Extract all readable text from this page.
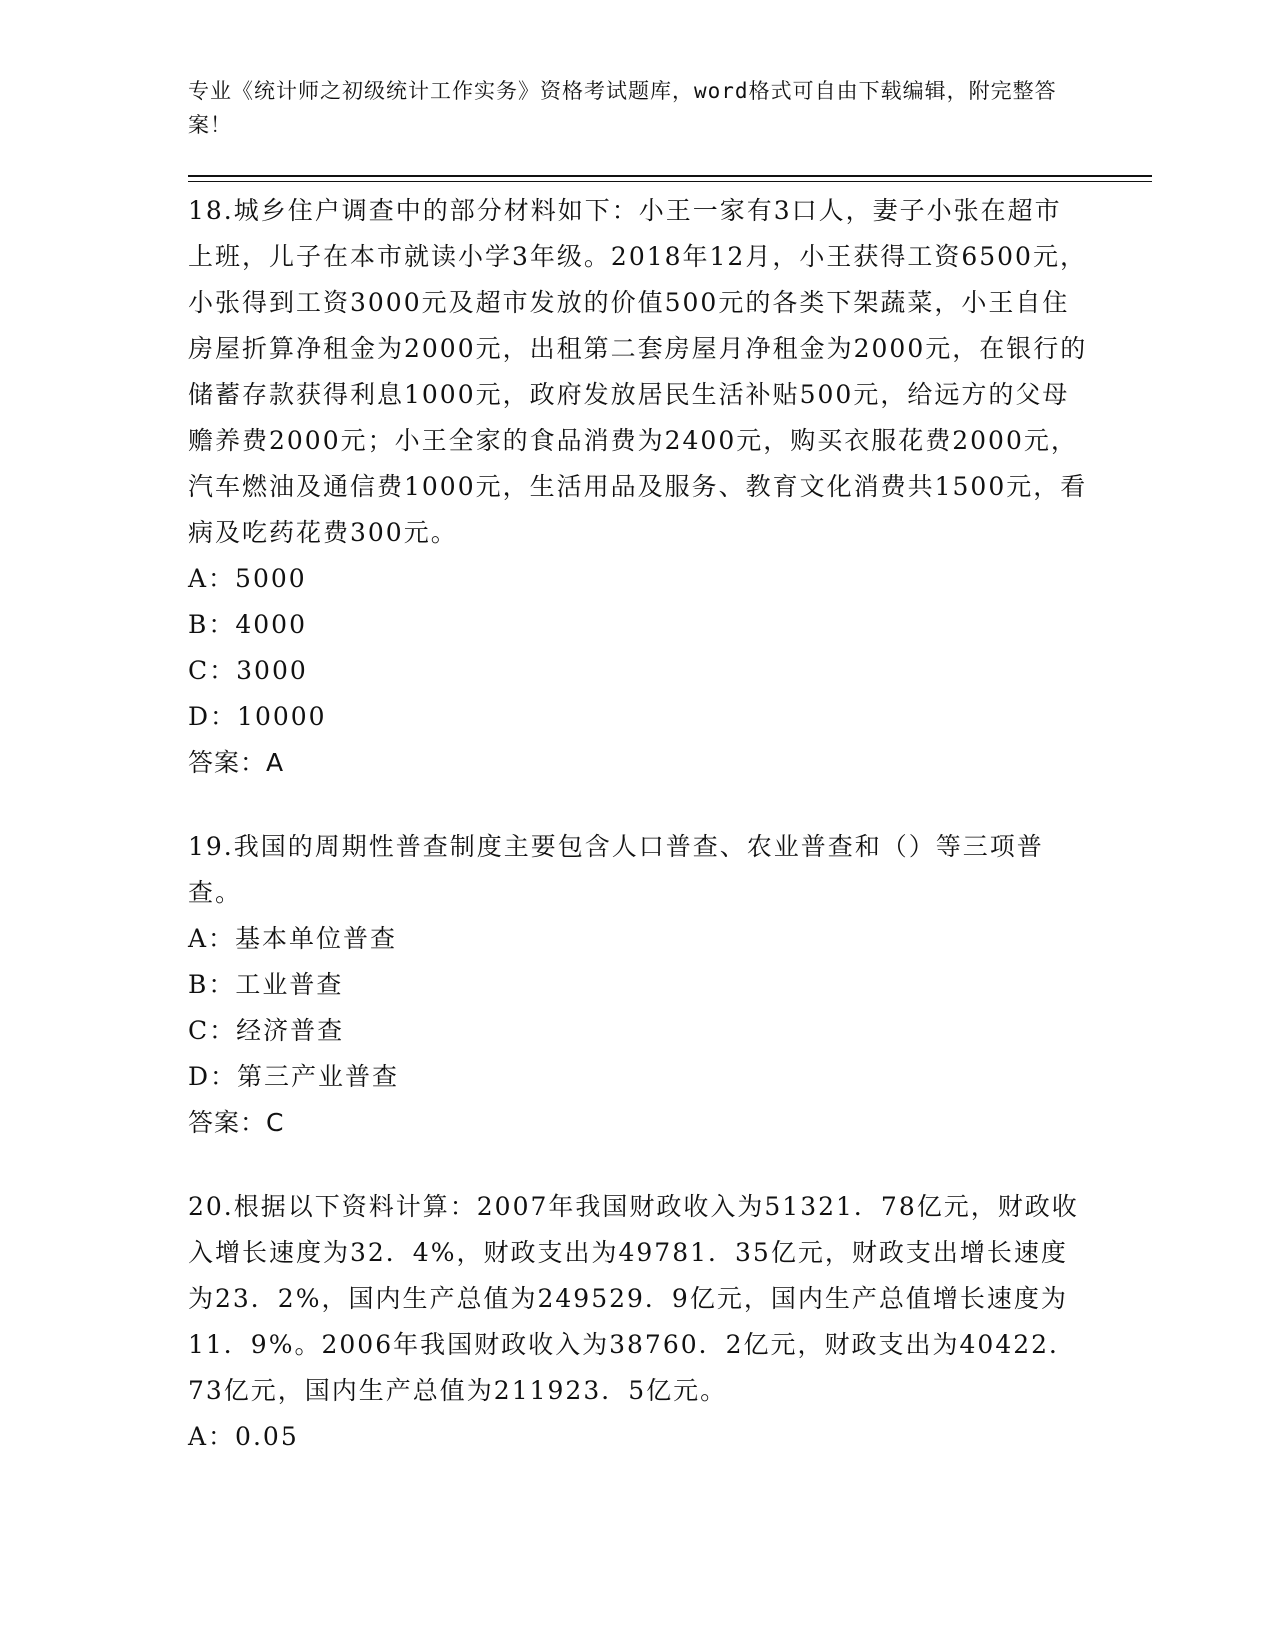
专业《统计师之初级统计工作实务》资格考试题库，word格式可自由下载编辑，附完整答案！

18.城乡住户调查中的部分材料如下：小王一家有3口人，妻子小张在超市上班，儿子在本市就读小学3年级。2018年12月，小王获得工资6500元，小张得到工资3000元及超市发放的价值500元的各类下架蔬菜，小王自住房屋折算净租金为2000元，出租第二套房屋月净租金为2000元，在银行的储蓄存款获得利息1000元，政府发放居民生活补贴500元，给远方的父母赡养费2000元；小王全家的食品消费为2400元，购买衣服花费2000元，汽车燃油及通信费1000元，生活用品及服务、教育文化消费共1500元，看病及吃药花费300元。

A：5000
B：4000
C：3000
D：10000
答案：A

19.我国的周期性普查制度主要包含人口普查、农业普查和（）等三项普查。

A：基本单位普查
B：工业普查
C：经济普查
D：第三产业普查
答案：C

20.根据以下资料计算：2007年我国财政收入为51321．78亿元，财政收入增长速度为32．4%，财政支出为49781．35亿元，财政支出增长速度为23．2%，国内生产总值为249529．9亿元，国内生产总值增长速度为11．9%。2006年我国财政收入为38760．2亿元，财政支出为40422．73亿元，国内生产总值为211923．5亿元。

A：0.05
